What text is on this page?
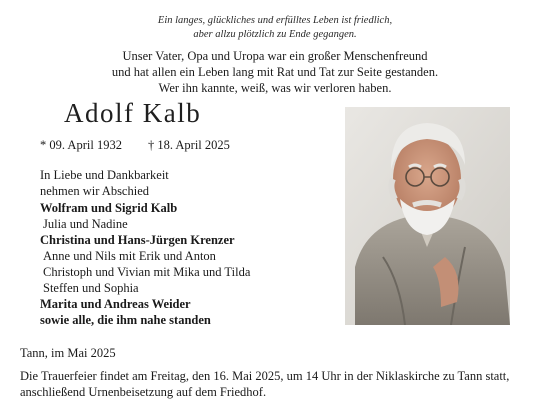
Ein langes, glückliches und erfülltes Leben ist friedlich,
aber allzu plötzlich zu Ende gegangen.
Unser Vater, Opa und Uropa war ein großer Menschenfreund
und hat allen ein Leben lang mit Rat und Tat zur Seite gestanden.
Wer ihn kannte, weiß, was wir verloren haben.
Adolf Kalb
* 09. April 1932 † 18. April 2025
In Liebe und Dankbarkeit
nehmen wir Abschied
Wolfram und Sigrid Kalb
Julia und Nadine
Christina und Hans-Jürgen Krenzer
Anne und Nils mit Erik und Anton
Christoph und Vivian mit Mika und Tilda
Steffen und Sophia
Marita und Andreas Weider
sowie alle, die ihm nahe standen
Tann, im Mai 2025
Die Trauerfeier findet am Freitag, den 16. Mai 2025, um 14 Uhr in der Niklaskirche zu Tann statt, anschließend Urnenbeisetzung auf dem Friedhof.
